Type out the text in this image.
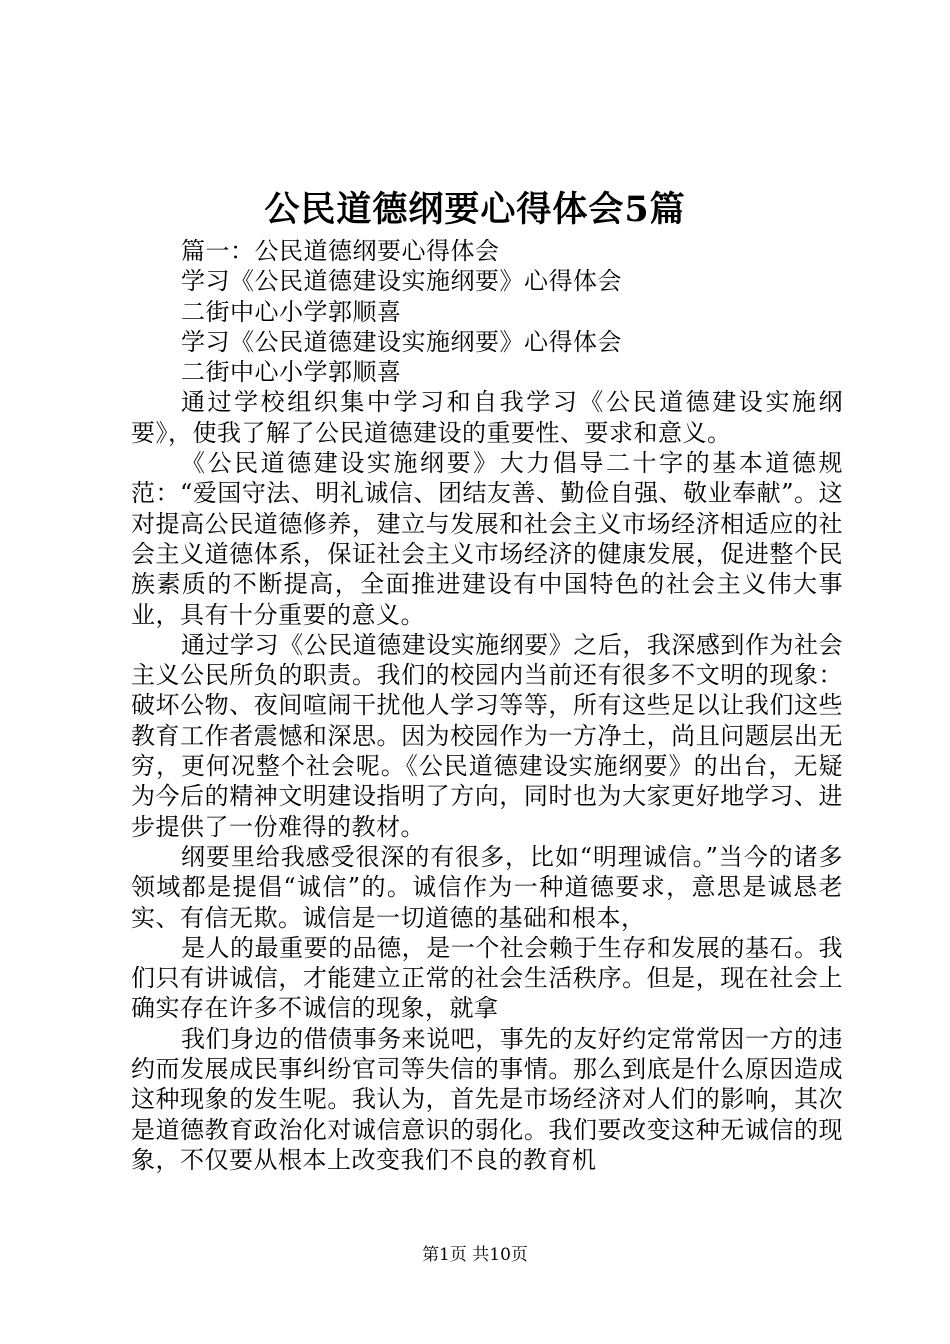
公民道德纲要心得体会5篇

篇一：公民道德纲要心得体会

学习《公民道德建设实施纲要》心得体会

二街中心小学郭顺喜

学习《公民道德建设实施纲要》心得体会

二街中心小学郭顺喜

通过学校组织集中学习和自我学习《公民道德建设实施纲要》，使我了解了公民道德建设的重要性、要求和意义。

《公民道德建设实施纲要》大力倡导二十字的基本道德规范：“爱国守法、明礼诚信、团结友善、勤俭自强、敬业奉献”。这对提高公民道德修养，建立与发展和社会主义市场经济相适应的社会主义道德体系，保证社会主义市场经济的健康发展，促进整个民族素质的不断提高，全面推进建设有中国特色的社会主义伟大事业，具有十分重要的意义。

通过学习《公民道德建设实施纲要》之后，我深感到作为社会主义公民所负的职责。我们的校园内当前还有很多不文明的现象：破坏公物、夜间喧闹干扰他人学习等等，所有这些足以让我们这些教育工作者震憾和深思。因为校园作为一方净土，尚且问题层出无穷，更何况整个社会呢。《公民道德建设实施纲要》的出台，无疑为今后的精神文明建设指明了方向，同时也为大家更好地学习、进步提供了一份难得的教材。

纲要里给我感受很深的有很多，比如“明理诚信。”当今的诸多领域都是提倡“诚信”的。诚信作为一种道德要求，意思是诚恳老实、有信无欺。诚信是一切道德的基础和根本，

是人的最重要的品德，是一个社会赖于生存和发展的基石。我们只有讲诚信，才能建立正常的社会生活秩序。但是，现在社会上确实存在许多不诚信的现象，就拿

我们身边的借债事务来说吧，事先的友好约定常常因一方的违约而发展成民事纠纷官司等失信的事情。那么到底是什么原因造成这种现象的发生呢。我认为，首先是市场经济对人们的影响，其次是道德教育政治化对诚信意识的弱化。我们要改变这种无诚信的现象，不仅要从根本上改变我们不良的教育机

第1页 共10页
